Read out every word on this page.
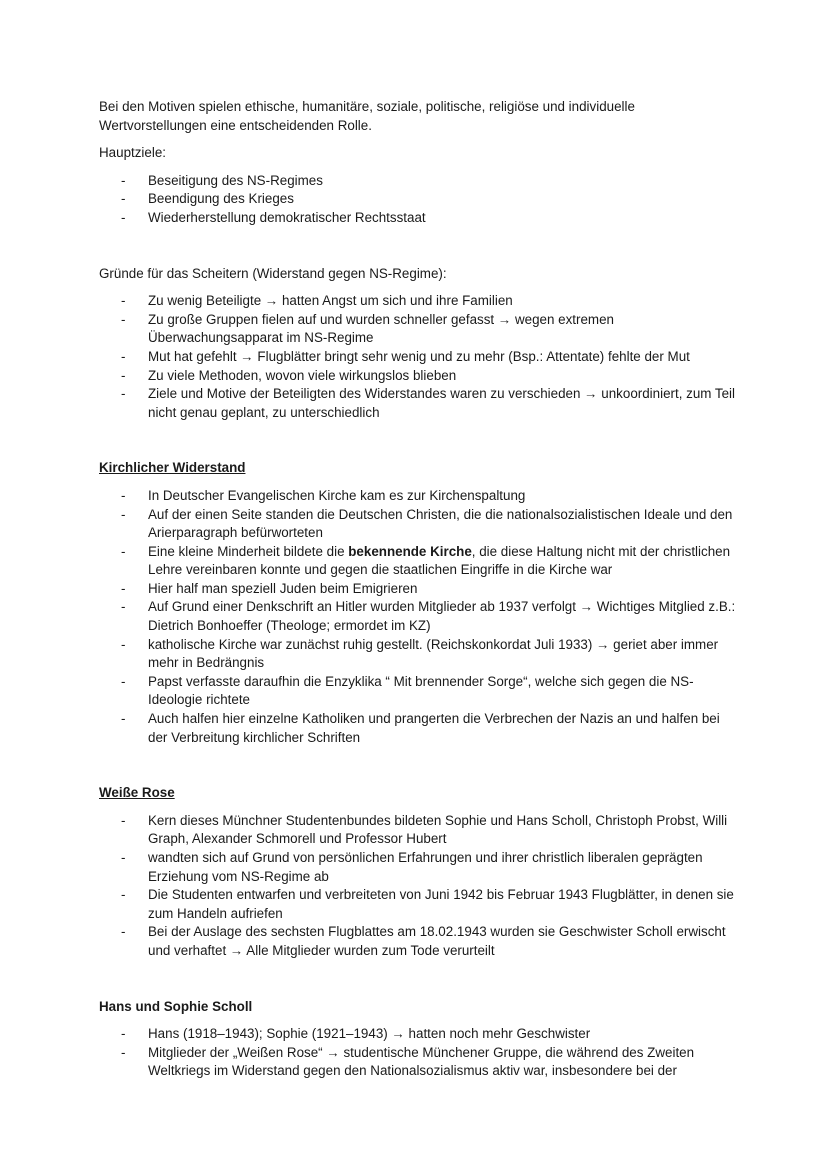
Bei den Motiven spielen ethische, humanitäre, soziale, politische, religiöse und individuelle Wertvorstellungen eine entscheidenden Rolle.

Hauptziele:

- Beseitigung des NS-Regimes
- Beendigung des Krieges
- Wiederherstellung demokratischer Rechtsstaat

Gründe für das Scheitern (Widerstand gegen NS-Regime):

- Zu wenig Beteiligte → hatten Angst um sich und ihre Familien
- Zu große Gruppen fielen auf und wurden schneller gefasst → wegen extremen Überwachungsapparat im NS-Regime
- Mut hat gefehlt → Flugblätter bringt sehr wenig und zu mehr (Bsp.: Attentate) fehlte der Mut
- Zu viele Methoden, wovon viele wirkungslos blieben
- Ziele und Motive der Beteiligten des Widerstandes waren zu verschieden → unkoordiniert, zum Teil nicht genau geplant, zu unterschiedlich

Kirchlicher Widerstand

- In Deutscher Evangelischen Kirche kam es zur Kirchenspaltung
- Auf der einen Seite standen die Deutschen Christen, die die nationalsozialistischen Ideale und den Arierparagraph befürworteten
- Eine kleine Minderheit bildete die bekennende Kirche, die diese Haltung nicht mit der christlichen Lehre vereinbaren konnte und gegen die staatlichen Eingriffe in die Kirche war
- Hier half man speziell Juden beim Emigrieren
- Auf Grund einer Denkschrift an Hitler wurden Mitglieder ab 1937 verfolgt → Wichtiges Mitglied z.B.: Dietrich Bonhoeffer (Theologe; ermordet im KZ)
- katholische Kirche war zunächst ruhig gestellt. (Reichskonkordat Juli 1933) → geriet aber immer mehr in Bedrängnis
- Papst verfasste daraufhin die Enzyklika “ Mit brennender Sorge“, welche sich gegen die NS-Ideologie richtete
- Auch halfen hier einzelne Katholiken und prangerten die Verbrechen der Nazis an und halfen bei der Verbreitung kirchlicher Schriften

Weiße Rose

- Kern dieses Münchner Studentenbundes bildeten Sophie und Hans Scholl, Christoph Probst, Willi Graph, Alexander Schmorell und Professor Hubert
- wandten sich auf Grund von persönlichen Erfahrungen und ihrer christlich liberalen geprägten Erziehung vom NS-Regime ab
- Die Studenten entwarfen und verbreiteten von Juni 1942 bis Februar 1943 Flugblätter, in denen sie zum Handeln aufriefen
- Bei der Auslage des sechsten Flugblattes am 18.02.1943 wurden sie Geschwister Scholl erwischt und verhaftet → Alle Mitglieder wurden zum Tode verurteilt

Hans und Sophie Scholl

- Hans (1918–1943); Sophie (1921–1943) → hatten noch mehr Geschwister
- Mitglieder der „Weißen Rose“ → studentische Münchener Gruppe, die während des Zweiten Weltkriegs im Widerstand gegen den Nationalsozialismus aktiv war, insbesondere bei der
